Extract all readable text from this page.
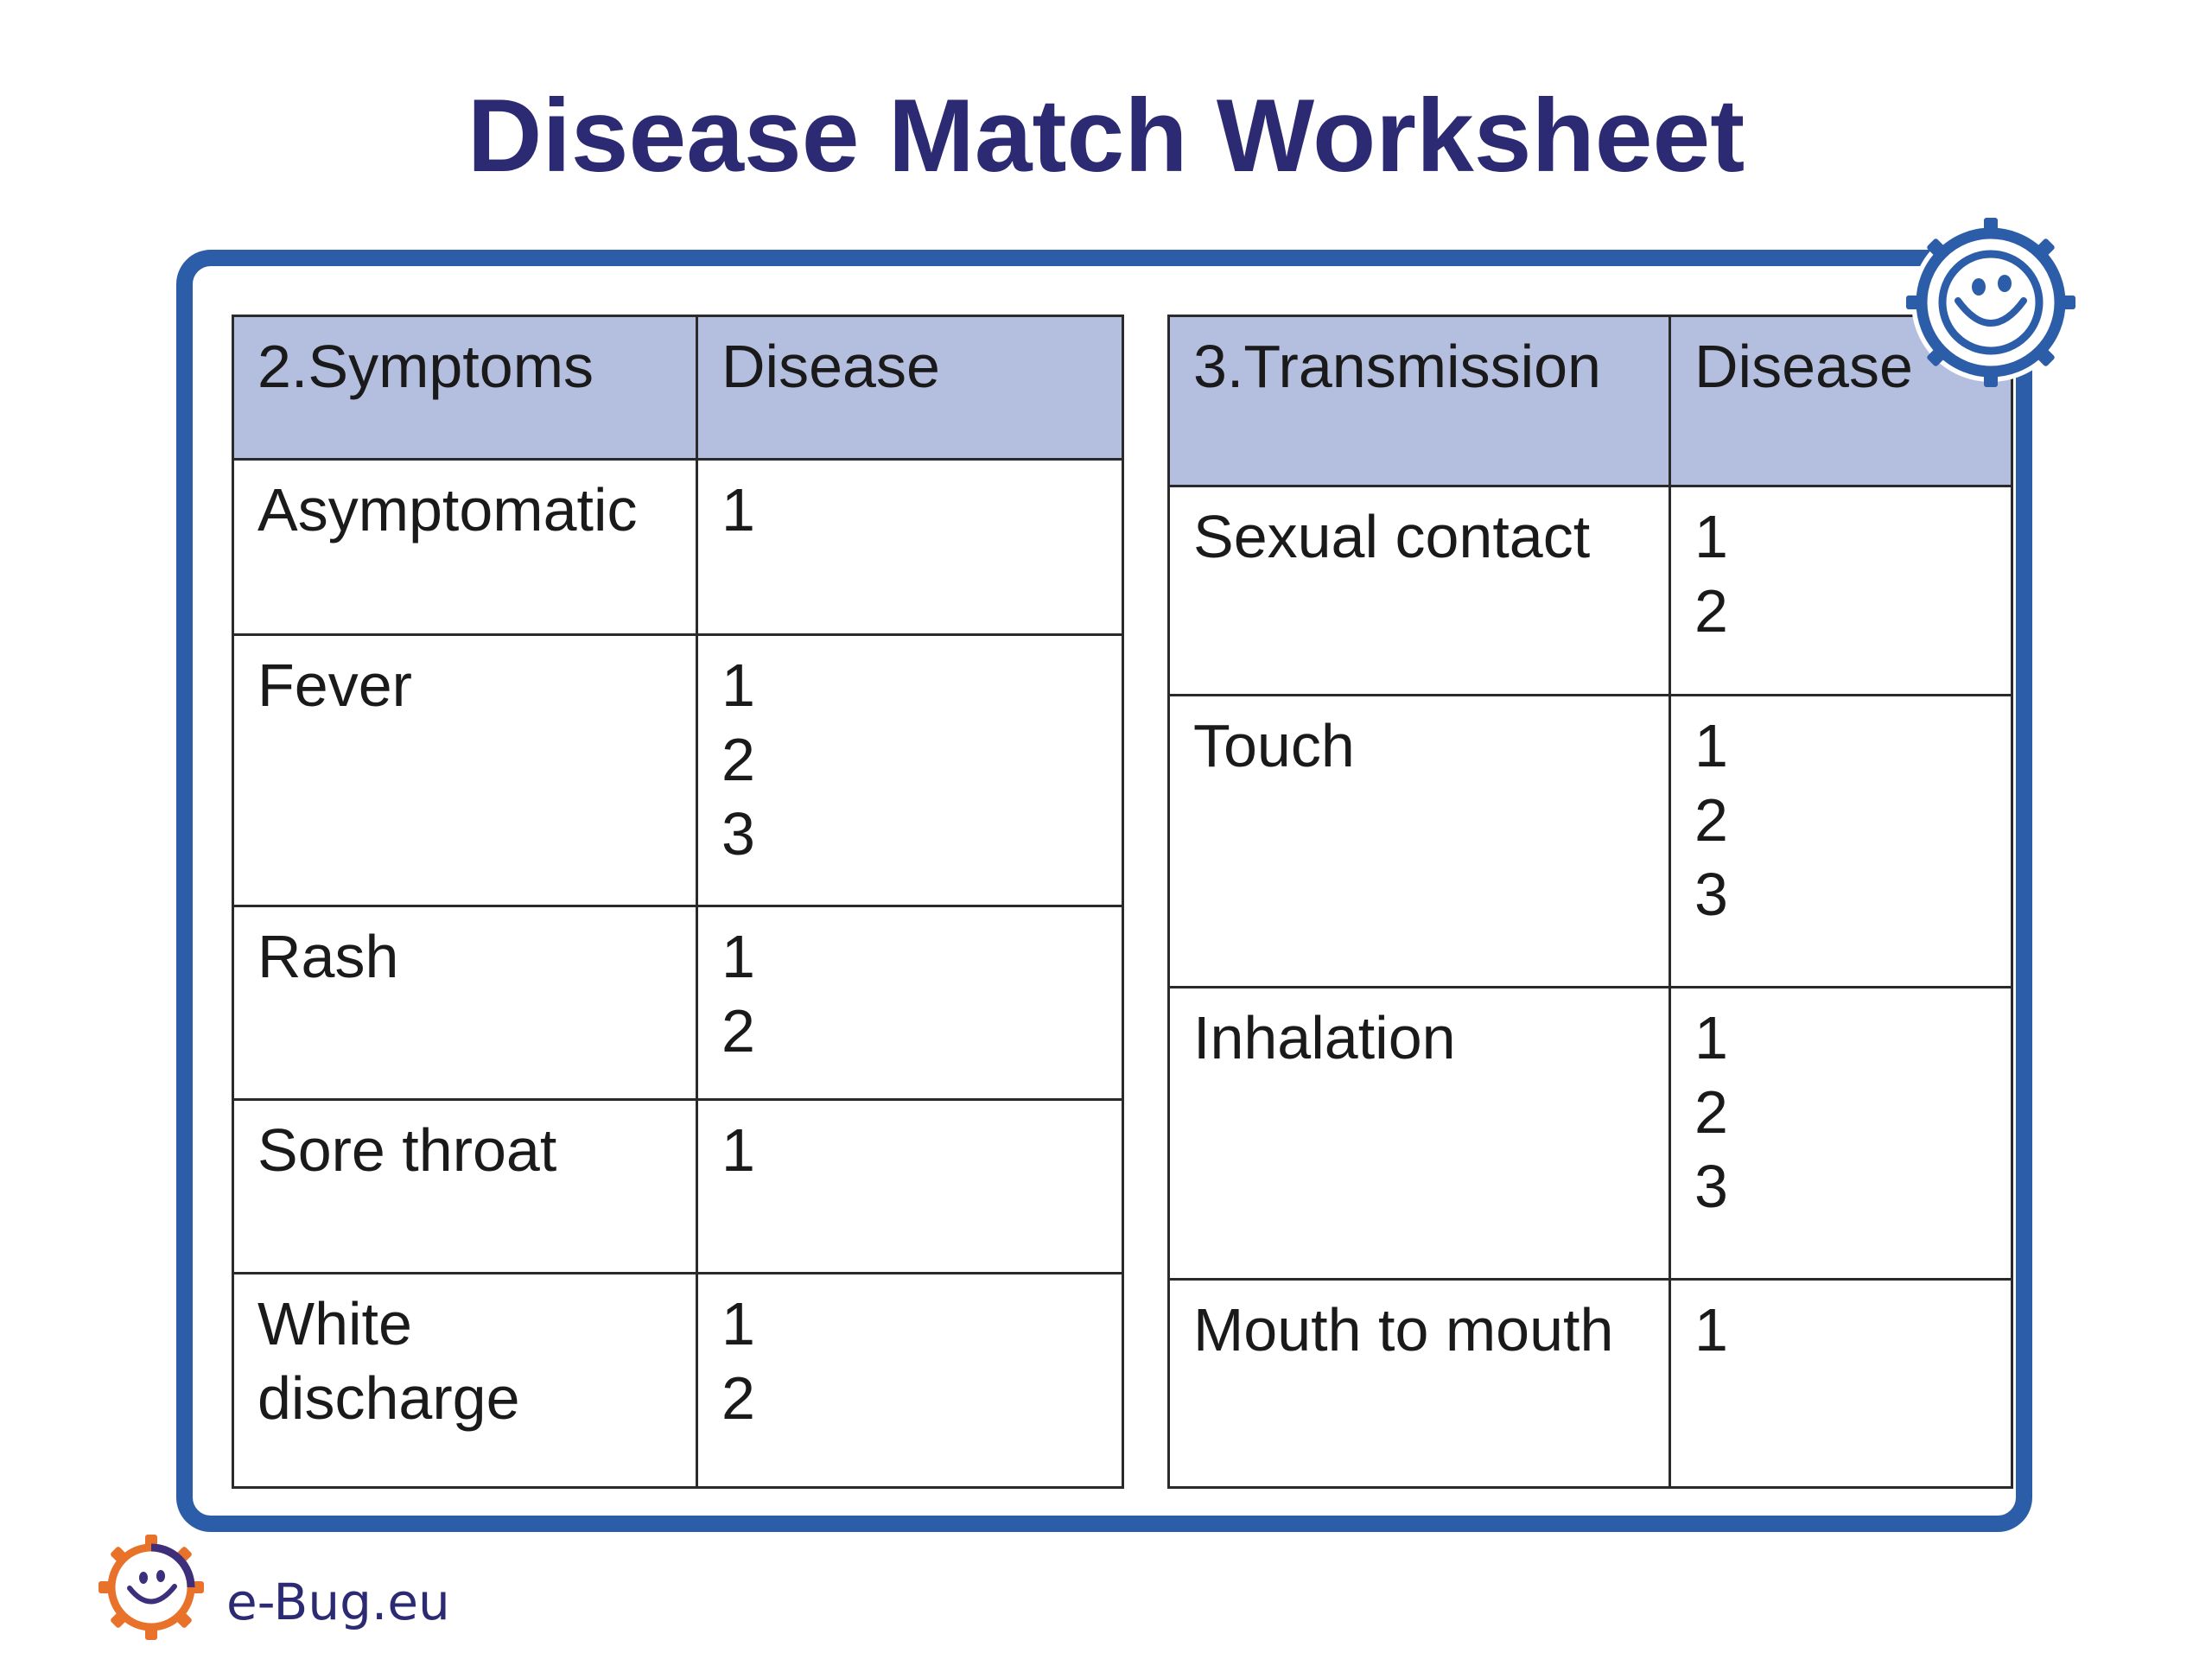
Disease Match Worksheet
2.Symptoms	Disease
Asymptomatic	1

Fever	1
2
3

Rash	1
2

Sore throat	1

White discharge	1
2
3.Transmission	Disease
Sexual contact	1
2

Touch	1
2
3

Inhalation	1
2
3

Mouth to mouth	1
e-Bug.eu
